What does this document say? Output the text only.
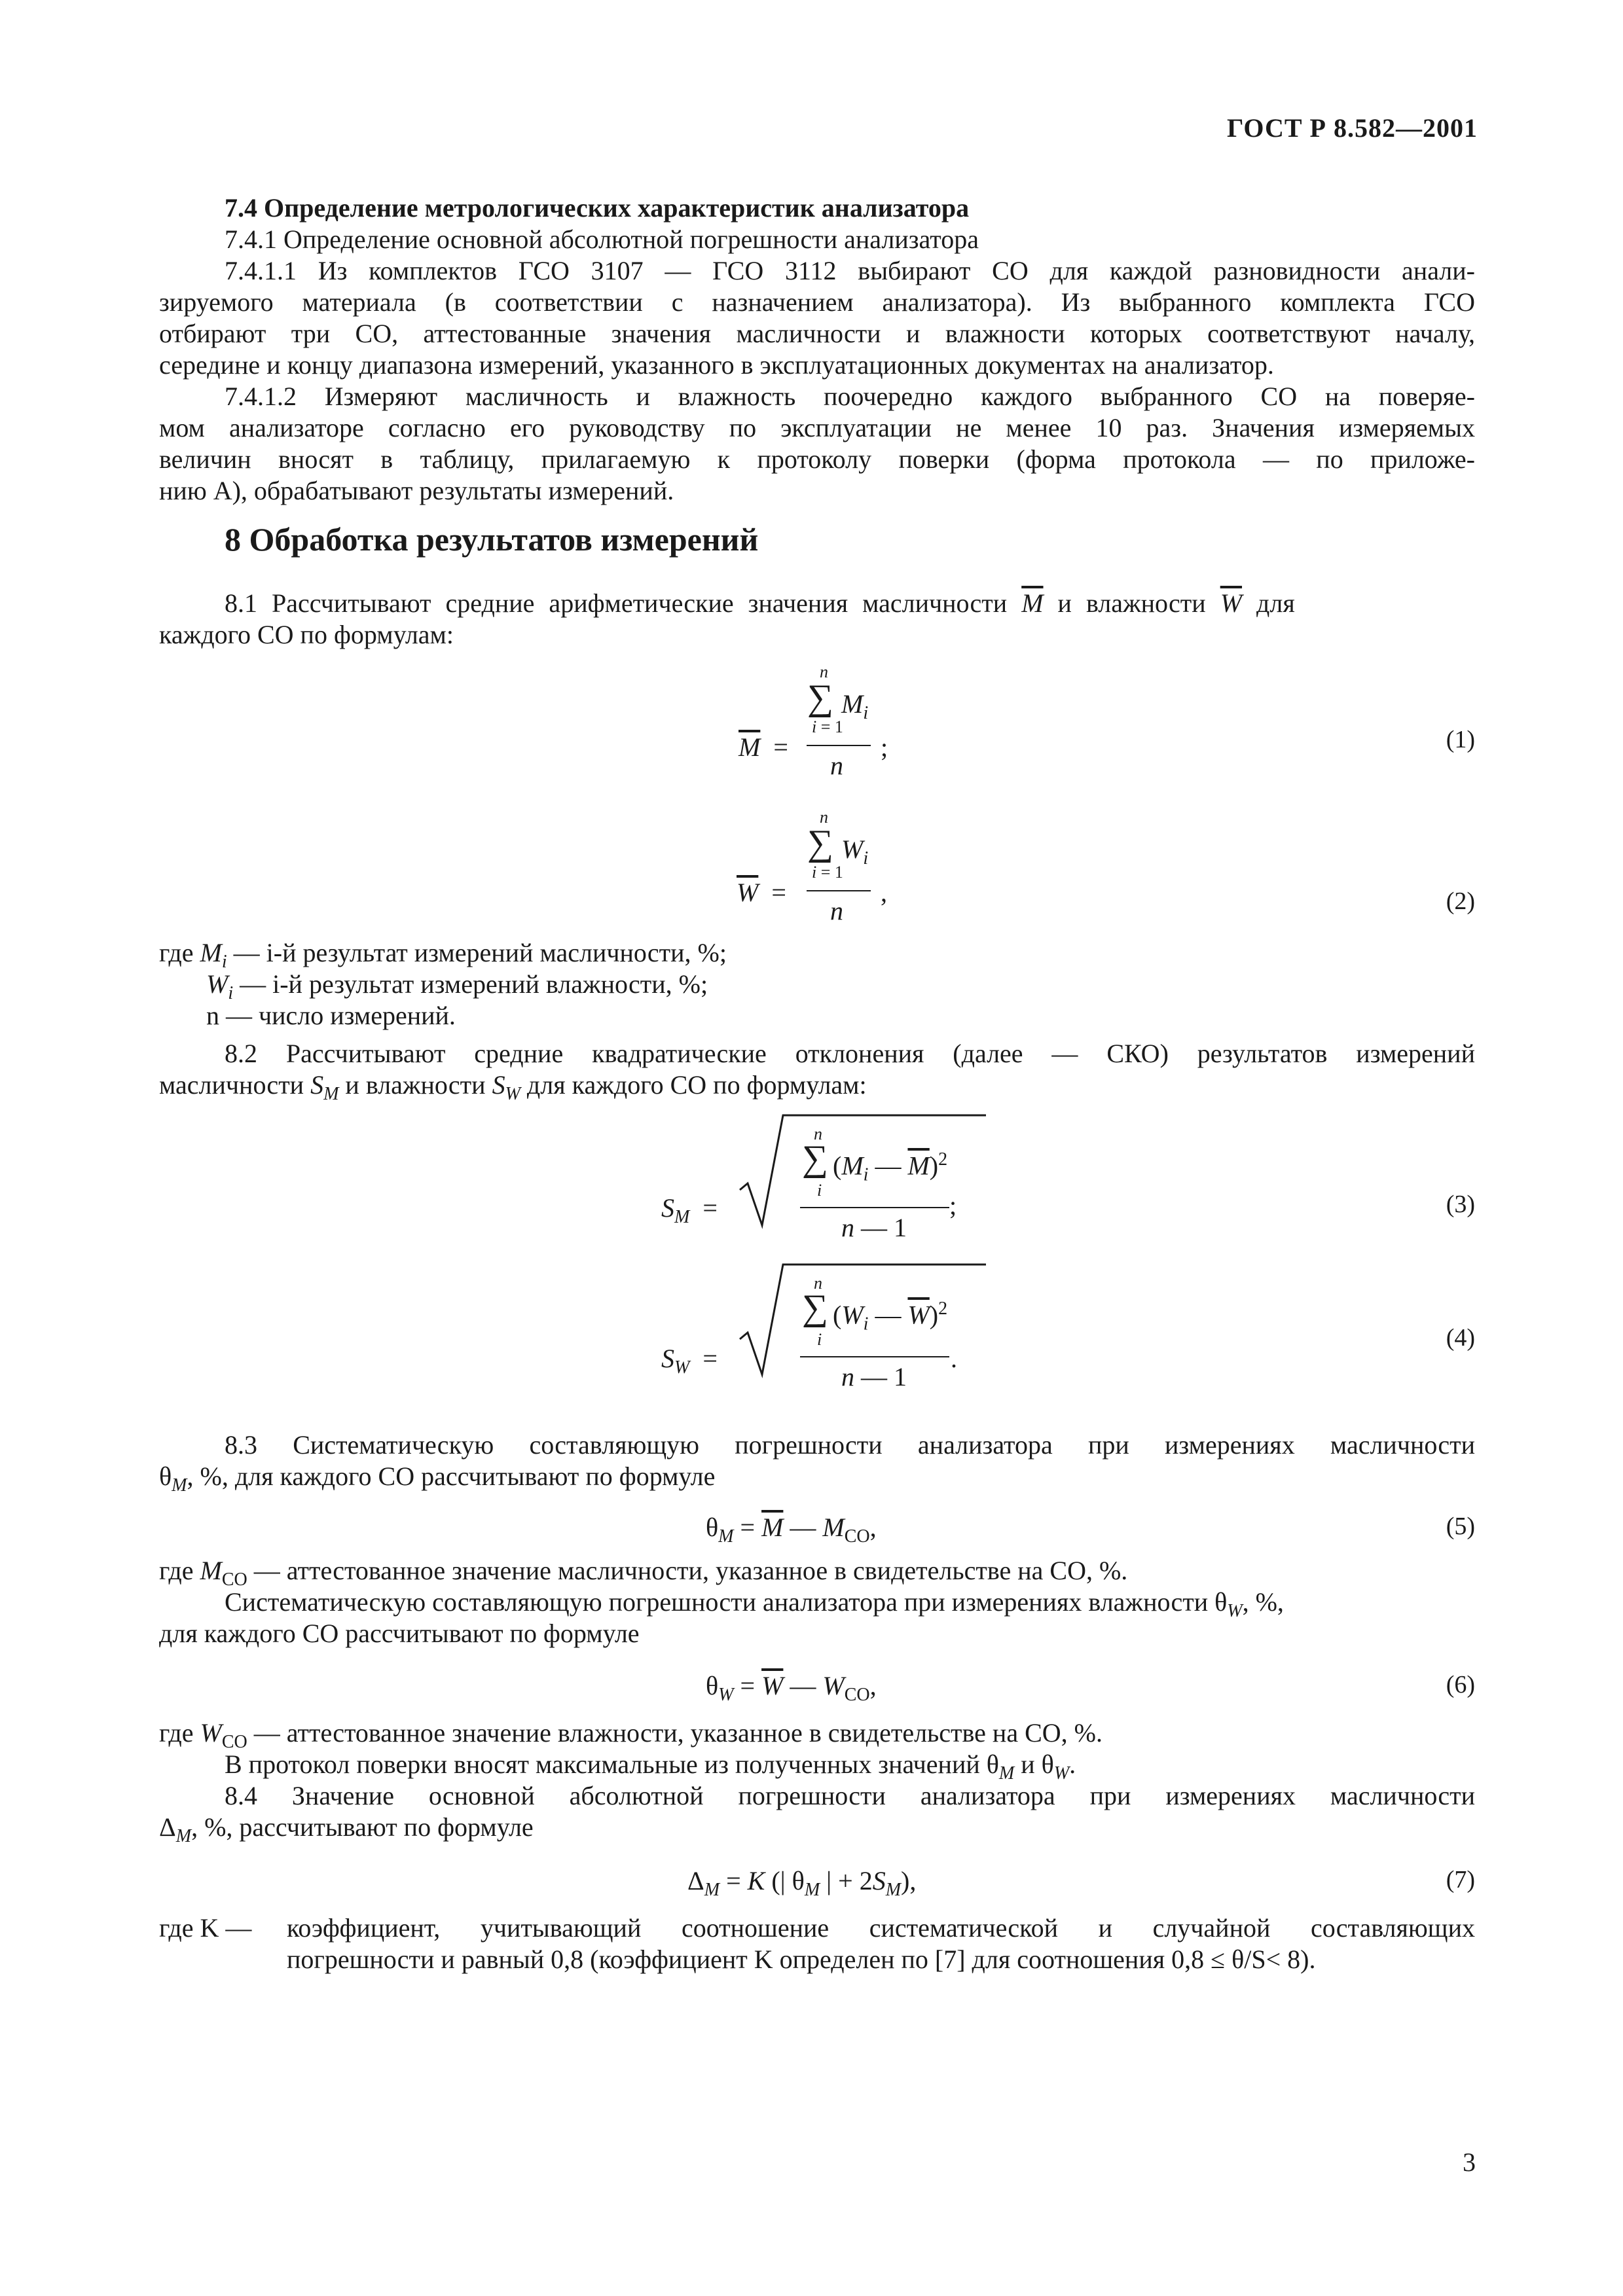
ГОСТ Р 8.582—2001
7.4 Определение метрологических характеристик анализатора
7.4.1 Определение основной абсолютной погрешности анализатора
7.4.1.1 Из комплектов ГСО 3107 — ГСО 3112 выбирают СО для каждой разновидности анали-
зируемого материала (в соответствии с назначением анализатора). Из выбранного комплекта ГСО
отбирают три СО, аттестованные значения масличности и влажности которых соответствуют началу,
середине и концу диапазона измерений, указанного в эксплуатационных документах на анализатор.
7.4.1.2 Измеряют масличность и влажность поочередно каждого выбранного СО на поверяе-
мом анализаторе согласно его руководству по эксплуатации не менее 10 раз. Значения измеряемых
величин вносят в таблицу, прилагаемую к протоколу поверки (форма протокола — по приложе-
нию А), обрабатывают результаты измерений.
8 Обработка результатов измерений
8.1 Рассчитывают средние арифметические значения масличности $\overline{M}$ и влажности $\overline{W}$ для
каждого СО по формулам:
$\overline{M}$  =
n
∑ $M_i$
i = 1
n
;	(1)
$\overline{W}$  =
n
∑ $W_i$
i = 1
n
,	(2)
где $M_i$ — i-й результат измерений масличности, %;
$W_i$ — i-й результат измерений влажности, %;
n — число измерений.
8.2 Рассчитывают средние квадратические отклонения (далее — СКО) результатов измерений
масличности $S_M$ и влажности $S_W$ для каждого СО по формулам:
$S_M$  =
n
∑ ($M_i$ — $\overline{M})^2$
i
n — 1
;	(3)
$S_W$  =
n
∑ ($W_i$ — $\overline{W})^2$
i
n — 1
.
(4)
8.3 Систематическую составляющую погрешности анализатора при измерениях масличности
$\theta_M$, %, для каждого СО рассчитывают по формуле
$\theta_M = \overline{M}$ — $M_{CO}$,	(5)
где $M_{CO}$ — аттестованное значение масличности, указанное в свидетельстве на СО, %.
Систематическую составляющую погрешности анализатора при измерениях влажности $\theta_W$, %,
для каждого СО рассчитывают по формуле
$\theta_W = \overline{W}$ — $W_{CO}$,	(6)
где $W_{CO}$ — аттестованное значение влажности, указанное в свидетельстве на СО, %.
В протокол поверки вносят максимальные из полученных значений $\theta_M$ и $\theta_W$.
8.4 Значение основной абсолютной погрешности анализатора при измерениях масличности
$\Delta_M$, %, рассчитывают по формуле
$\Delta_M = K$ (| $\theta_M$ | + $2S_M$),	(7)
где K —	коэффициент, учитывающий соотношение систематической и случайной составляющих
погрешности и равный 0,8 (коэффициент K определен по [7] для соотношения 0,8 ≤ θ/S< 8).
3
